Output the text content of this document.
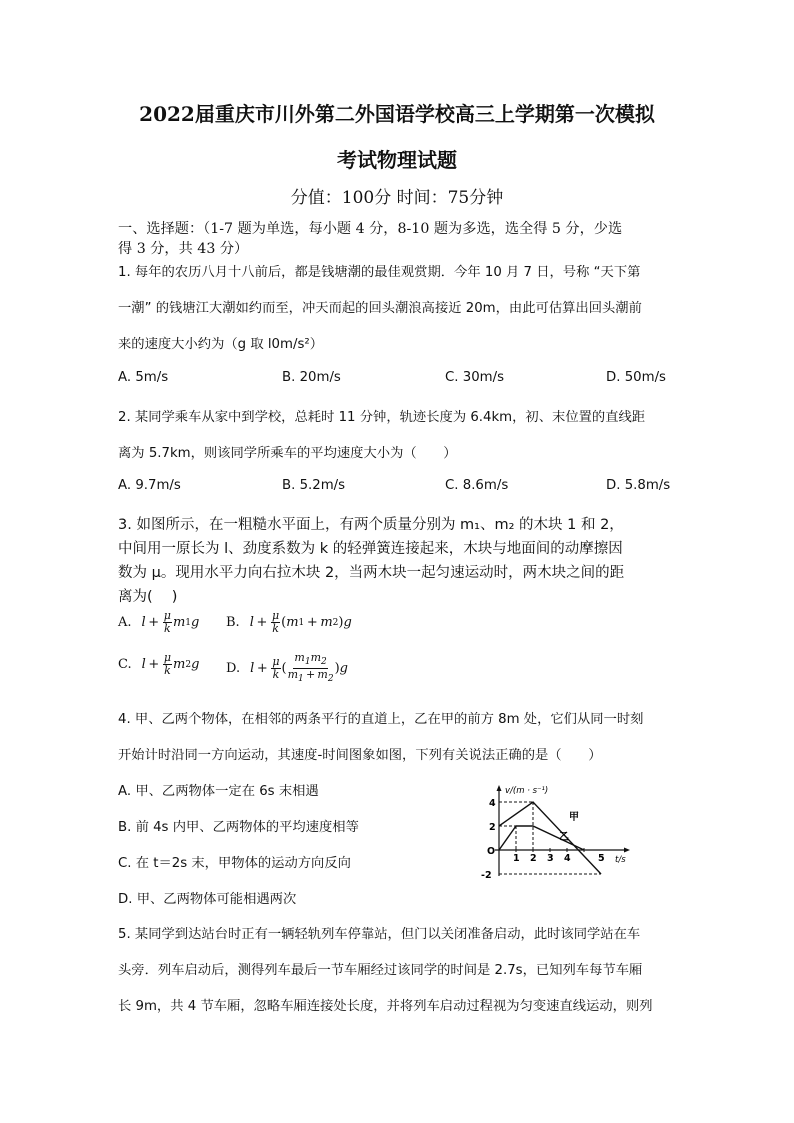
2022届重庆市川外第二外国语学校高三上学期第一次模拟
考试物理试题
分值：100分 时间：75分钟
一、选择题：（1-7 题为单选，每小题 4 分，8-10 题为多选，选全得 5 分，少选
得 3 分，共 43 分）
1. 每年的农历八月十八前后，都是钱塘潮的最佳观赏期．今年 10 月 7 日，号称 “天下第
一潮” 的钱塘江大潮如约而至，冲天而起的回头潮浪高接近 20m，由此可估算出回头潮前
来的速度大小约为（g 取 l0m/s²）
A. 5m/s	B. 20m/s	C. 30m/s	D. 50m/s
2. 某同学乘车从家中到学校，总耗时 11 分钟，轨迹长度为 6.4km，初、末位置的直线距
离为 5.7km，则该同学所乘车的平均速度大小为（　　）
A. 9.7m/s	B. 5.2m/s	C. 8.6m/s	D. 5.8m/s
3. 如图所示，在一粗糙水平面上，有两个质量分别为 m₁、m₂ 的木块 1 和 2，
中间用一原长为 l、劲度系数为 k 的轻弹簧连接起来，木块与地面间的动摩擦因
数为 μ。现用水平力向右拉木块 2，当两木块一起匀速运动时，两木块之间的距
离为(　 )
A. $l + \frac{\mu}{k}$ m 1 g B. $l + \frac{\mu}{k}$ ( m 1  +  m 2 ) g
C. $l + \frac{\mu}{k}$ m 2 g D. $l + \frac{\mu}{k}$ ( $\frac{m_1m_2}{m_1 + m_2}$ ) g
4. 甲、乙两个物体，在相邻的两条平行的直道上，乙在甲的前方 8m 处，它们从同一时刻
开始计时沿同一方向运动，其速度-时间图象如图，下列有关说法正确的是（　　）
A. 甲、乙两物体一定在 6s 末相遇
B. 前 4s 内甲、乙两物体的平均速度相等
C. 在 t＝2s 末，甲物体的运动方向反向
D. 甲、乙两物体可能相遇两次
v/(m · s⁻¹)
t/s
O
4
2
-2
1 2 3 4	5
甲
乙
5. 某同学到达站台时正有一辆轻轨列车停靠站，但门以关闭准备启动，此时该同学站在车
头旁．列车启动后，测得列车最后一节车厢经过该同学的时间是 2.7s，已知列车每节车厢
长 9m，共 4 节车厢，忽略车厢连接处长度，并将列车启动过程视为匀变速直线运动，则列
